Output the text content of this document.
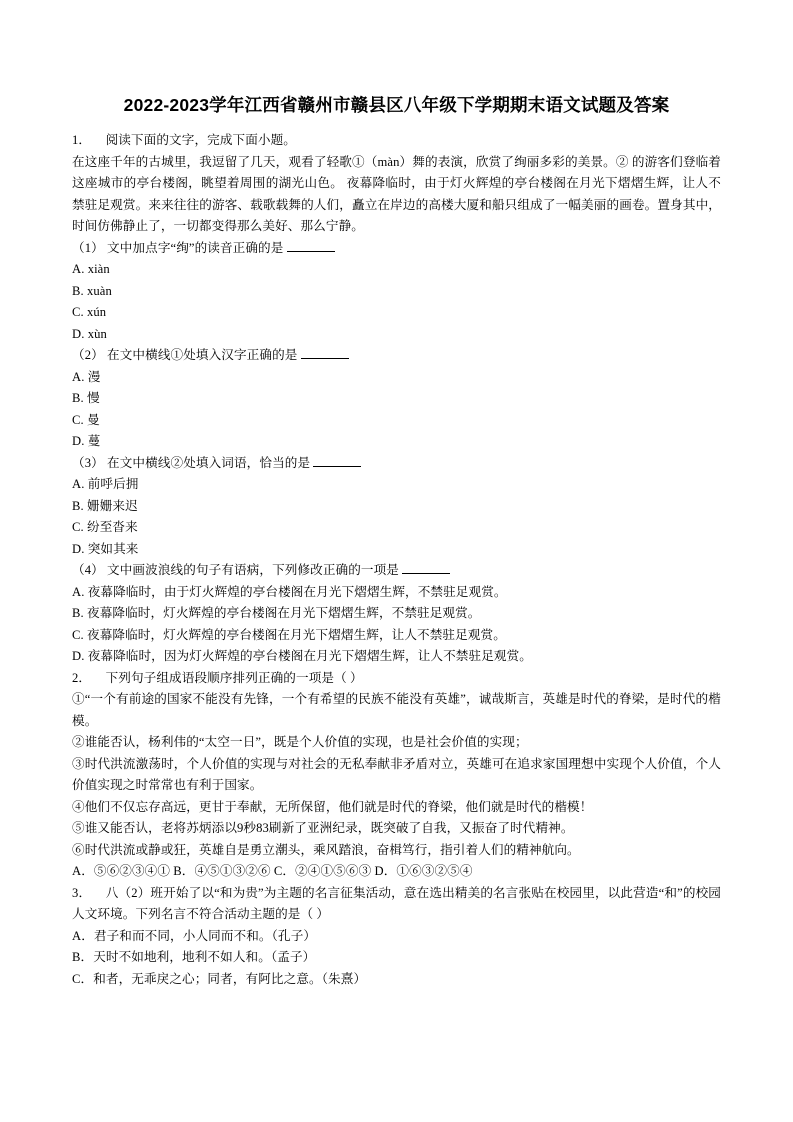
2022-2023学年江西省赣州市赣县区八年级下学期期末语文试题及答案

1． 阅读下面的文字，完成下面小题。

在这座千年的古城里，我逗留了几天，观看了轻歌①（màn）舞的表演，欣赏了绚丽多彩的美景。② 的游客们登临着这座城市的亭台楼阁，眺望着周围的湖光山色。 夜幕降临时，由于灯火辉煌的亭台楼阁在月光下熠熠生辉，让人不禁驻足观赏。来来往往的游客、载歌载舞的人们，矗立在岸边的高楼大厦和船只组成了一幅美丽的画卷。置身其中，时间仿佛静止了，一切都变得那么美好、那么宁静。

（1） 文中加点字“绚”的读音正确的是

A. xiàn

B. xuàn

C. xún

D. xùn

（2） 在文中横线①处填入汉字正确的是

A. 漫

B. 慢

C. 曼

D. 蔓

（3） 在文中横线②处填入词语，恰当的是

A. 前呼后拥

B. 姗姗来迟

C. 纷至沓来

D. 突如其来

（4） 文中画波浪线的句子有语病，下列修改正确的一项是

A. 夜幕降临时，由于灯火辉煌的亭台楼阁在月光下熠熠生辉，不禁驻足观赏。

B. 夜幕降临时，灯火辉煌的亭台楼阁在月光下熠熠生辉，不禁驻足观赏。

C. 夜幕降临时，灯火辉煌的亭台楼阁在月光下熠熠生辉，让人不禁驻足观赏。

D. 夜幕降临时，因为灯火辉煌的亭台楼阁在月光下熠熠生辉，让人不禁驻足观赏。

2． 下列句子组成语段顺序排列正确的一项是（ ）

①“一个有前途的国家不能没有先锋，一个有希望的民族不能没有英雄”，诚哉斯言，英雄是时代的脊梁，是时代的楷模。

②谁能否认，杨利伟的“太空一日”，既是个人价值的实现，也是社会价值的实现；

③时代洪流激荡时，个人价值的实现与对社会的无私奉献非矛盾对立，英雄可在追求家国理想中实现个人价值，个人价值实现之时常常也有利于国家。

④他们不仅忘存高远，更甘于奉献，无所保留，他们就是时代的脊梁，他们就是时代的楷模！

⑤谁又能否认，老将苏炳添以9秒83刷新了亚洲纪录，既突破了自我，又振奋了时代精神。

⑥时代洪流或静或狂，英雄自是勇立潮头，乘风踏浪，奋楫笃行，指引着人们的精神航向。

A．⑤⑥②③④① B．④⑤①③②⑥ C．②④①⑤⑥③ D．①⑥③②⑤④

3． 八（2）班开始了以“和为贵”为主题的名言征集活动，意在选出精美的名言张贴在校园里，以此营造“和”的校园人文环境。下列名言不符合活动主题的是（ ）

A．君子和而不同，小人同而不和。（孔子）

B．天时不如地利，地利不如人和。（孟子）

C．和者，无乖戾之心；同者，有阿比之意。（朱熹）
